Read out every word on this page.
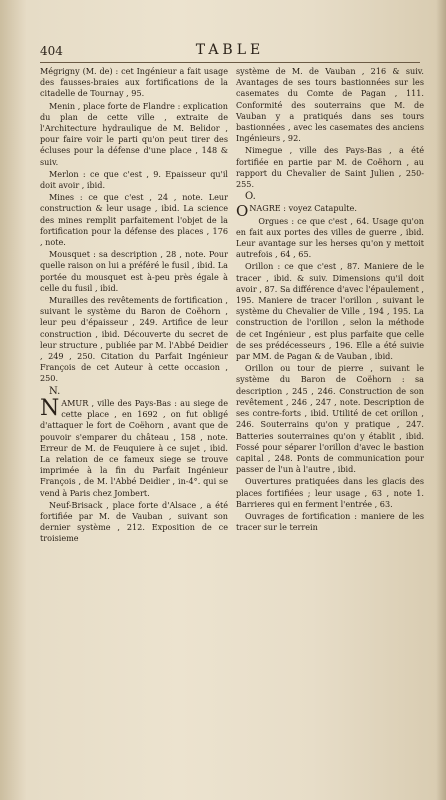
404	TABLE

Mégrigny (M. de) : cet Ingénieur a fait usage des fausses-braies aux fortifications de la citadelle de Tournay , 95.

Menin , place forte de Flandre : explication du plan de cette ville , extraite de l'Architecture hydraulique de M. Belidor , pour faire voir le parti qu'on peut tirer des écluses pour la défense d'une place , 148 & suiv.

Merlon : ce que c'est , 9. Epaisseur qu'il doit avoir , ibid.

Mines : ce que c'est , 24 , note. Leur construction & leur usage , ibid. La science des mines remplit parfaitement l'objet de la fortification pour la défense des places , 176 , note.

Mousquet : sa description , 28 , note. Pour quelle raison on lui a préféré le fusil , ibid. La portée du mousquet est à-peu près égale à celle du fusil , ibid.

Murailles des revêtements de fortification , suivant le système du Baron de Coëhorn , leur peu d'épaisseur , 249. Artifice de leur construction , ibid. Découverte du secret de leur structure , publiée par M. l'Abbé Deidier , 249 , 250. Citation du Parfait Ingénieur François de cet Auteur à cette occasion , 250.

N.

NAMUR , ville des Pays-Bas : au siege de cette place , en 1692 , on fut obligé d'attaquer le fort de Coëhorn , avant que de pouvoir s'emparer du château , 158 , note. Erreur de M. de Feuquiere à ce sujet , ibid. La relation de ce fameux siege se trouve imprimée à la fin du Parfait Ingénieur François , de M. l'Abbé Deidier , in-4°. qui se vend à Paris chez Jombert.

Neuf-Brisack , place forte d'Alsace , a été fortifiée par M. de Vauban , suivant son dernier système , 212. Exposition de ce troisieme

système de M. de Vauban , 216 & suiv. Avantages de ses tours bastionnées sur les casemates du Comte de Pagan , 111. Conformité des souterrains que M. de Vauban y a pratiqués dans ses tours bastionnées , avec les casemates des anciens Ingénieurs , 92.

Nimegue , ville des Pays-Bas , a été fortifiée en partie par M. de Coëhorn , au rapport du Chevalier de Saint Julien , 250-255.

O.

ONAGRE : voyez Catapulte.

Orgues : ce que c'est , 64. Usage qu'on en fait aux portes des villes de guerre , ibid. Leur avantage sur les herses qu'on y mettoit autrefois , 64 , 65.

Orillon : ce que c'est , 87. Maniere de le tracer , ibid. & suiv. Dimensions qu'il doit avoir , 87. Sa différence d'avec l'épaulement , 195. Maniere de tracer l'orillon , suivant le système du Chevalier de Ville , 194 , 195. La construction de l'orillon , selon la méthode de cet Ingénieur , est plus parfaite que celle de ses prédécesseurs , 196. Elle a été suivie par MM. de Pagan & de Vauban , ibid.

Orillon ou tour de pierre , suivant le système du Baron de Coëhorn : sa description , 245 , 246. Construction de son revêtement , 246 , 247 , note. Description de ses contre-forts , ibid. Utilité de cet orillon , 246. Souterrains qu'on y pratique , 247. Batteries souterraines qu'on y établit , ibid. Fossé pour séparer l'orillon d'avec le bastion capital , 248. Ponts de communication pour passer de l'un à l'autre , ibid.

Ouvertures pratiquées dans les glacis des places fortifiées ; leur usage , 63 , note 1. Barrieres qui en ferment l'entrée , 63.

Ouvrages de fortification : maniere de les tracer sur le terrein
